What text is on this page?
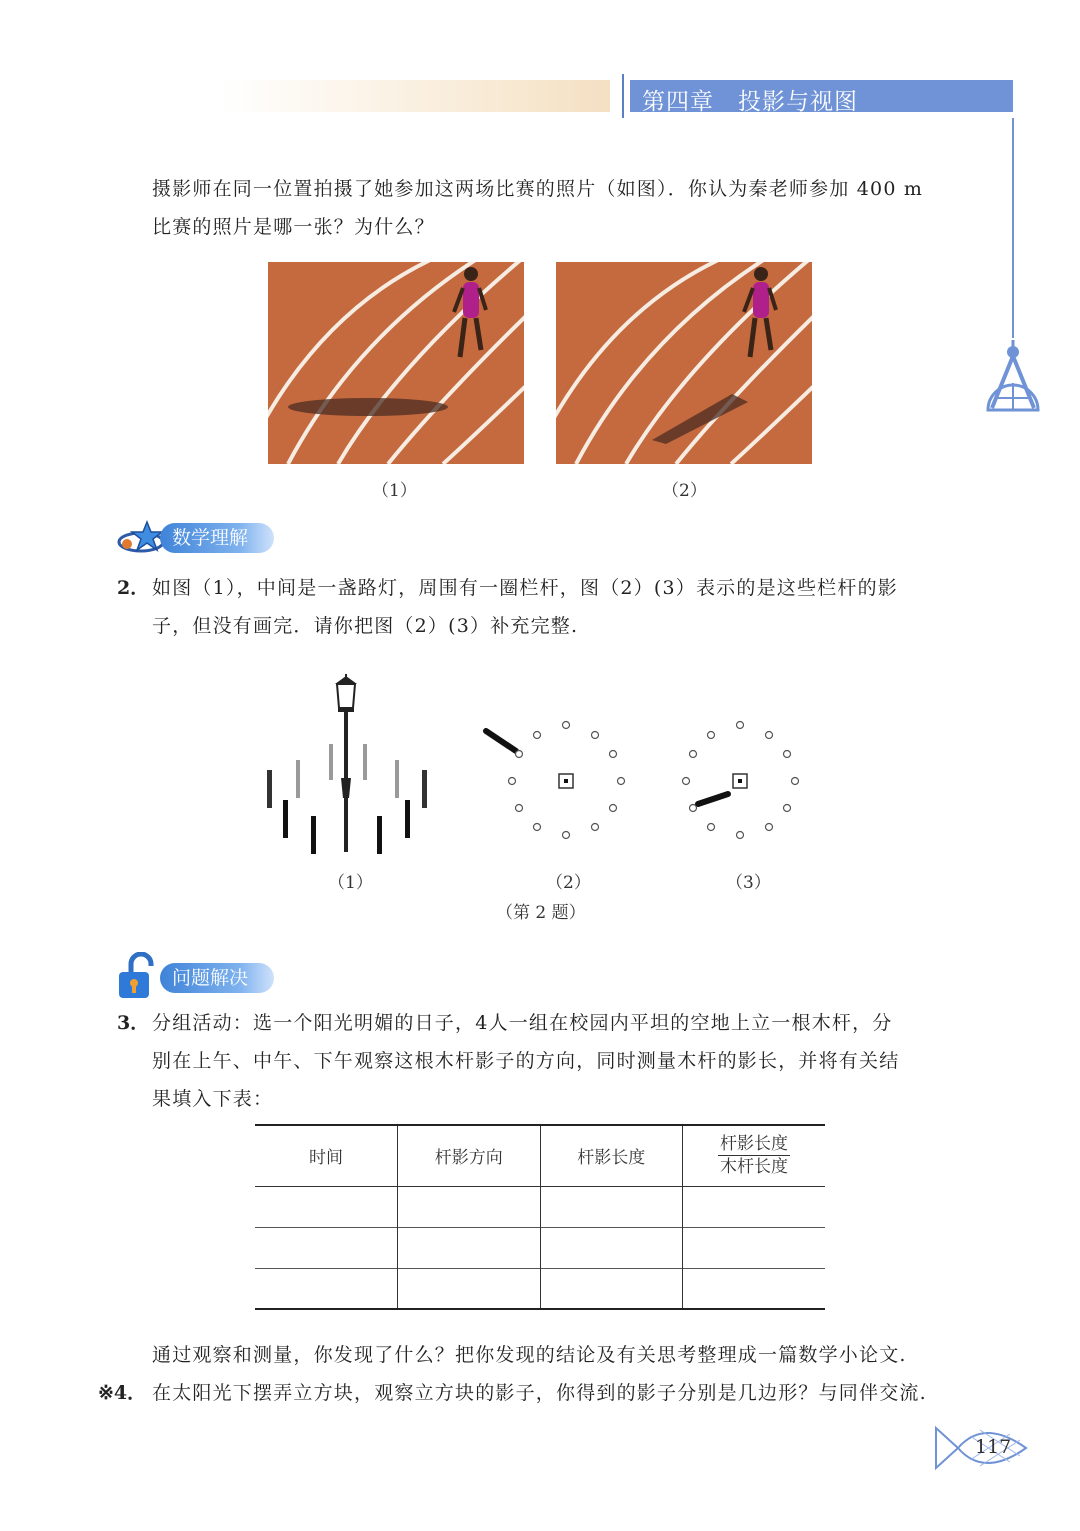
第四章　投影与视图
摄影师在同一位置拍摄了她参加这两场比赛的照片（如图）．你认为秦老师参加 400 m
比赛的照片是哪一张？为什么？
（1）	（2）
数学理解
2． 如图（1），中间是一盏路灯，周围有一圈栏杆，图（2）(3）表示的是这些栏杆的影
子，但没有画完．请你把图（2）(3）补充完整.
（1）	（2）	（3）
（第 2 题）
问题解决
3． 分组活动：选一个阳光明媚的日子，4人一组在校园内平坦的空地上立一根木杆，分
别在上午、中午、下午观察这根木杆影子的方向，同时测量木杆的影长，并将有关结
果填入下表：
时间	杆影方向	杆影长度	$\frac{\text{杆影长度}}{\text{木杆长度}}$

通过观察和测量，你发现了什么？把你发现的结论及有关思考整理成一篇数学小论文.
※4． 在太阳光下摆弄立方块，观察立方块的影子，你得到的影子分别是几边形？与同伴交流.
117
